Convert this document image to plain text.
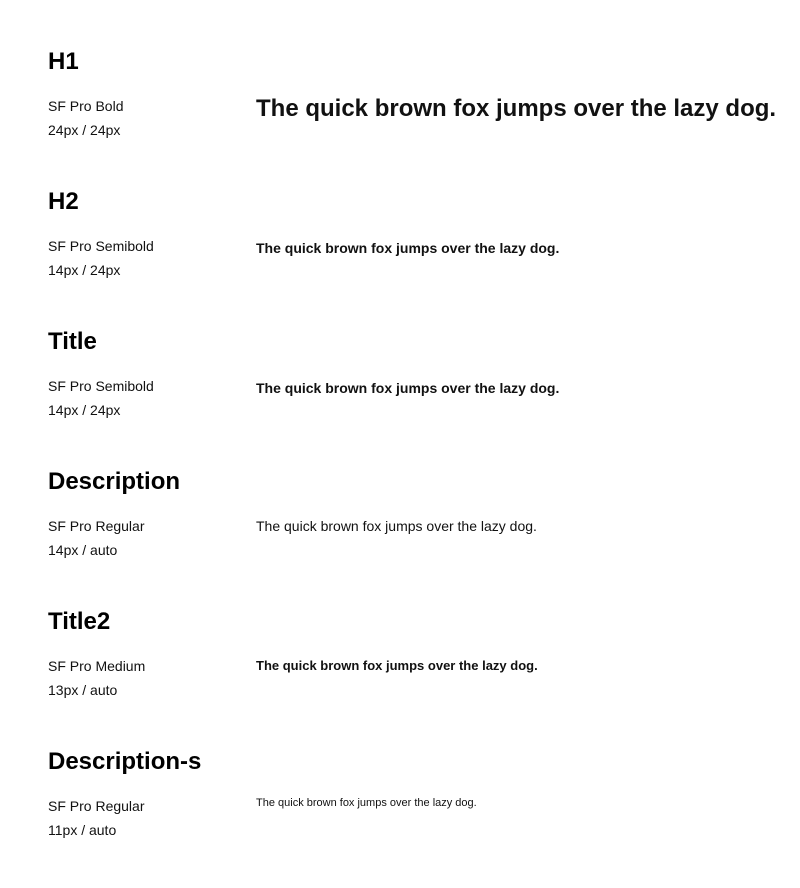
H1
SF Pro Bold
24px / 24px
The quick brown fox jumps over the lazy dog.
H2
SF Pro Semibold
14px / 24px
The quick brown fox jumps over the lazy dog.
Title
SF Pro Semibold
14px / 24px
The quick brown fox jumps over the lazy dog.
Description
SF Pro Regular
14px / auto
The quick brown fox jumps over the lazy dog.
Title2
SF Pro Medium
13px / auto
The quick brown fox jumps over the lazy dog.
Description-s
SF Pro Regular
11px / auto
The quick brown fox jumps over the lazy dog.
